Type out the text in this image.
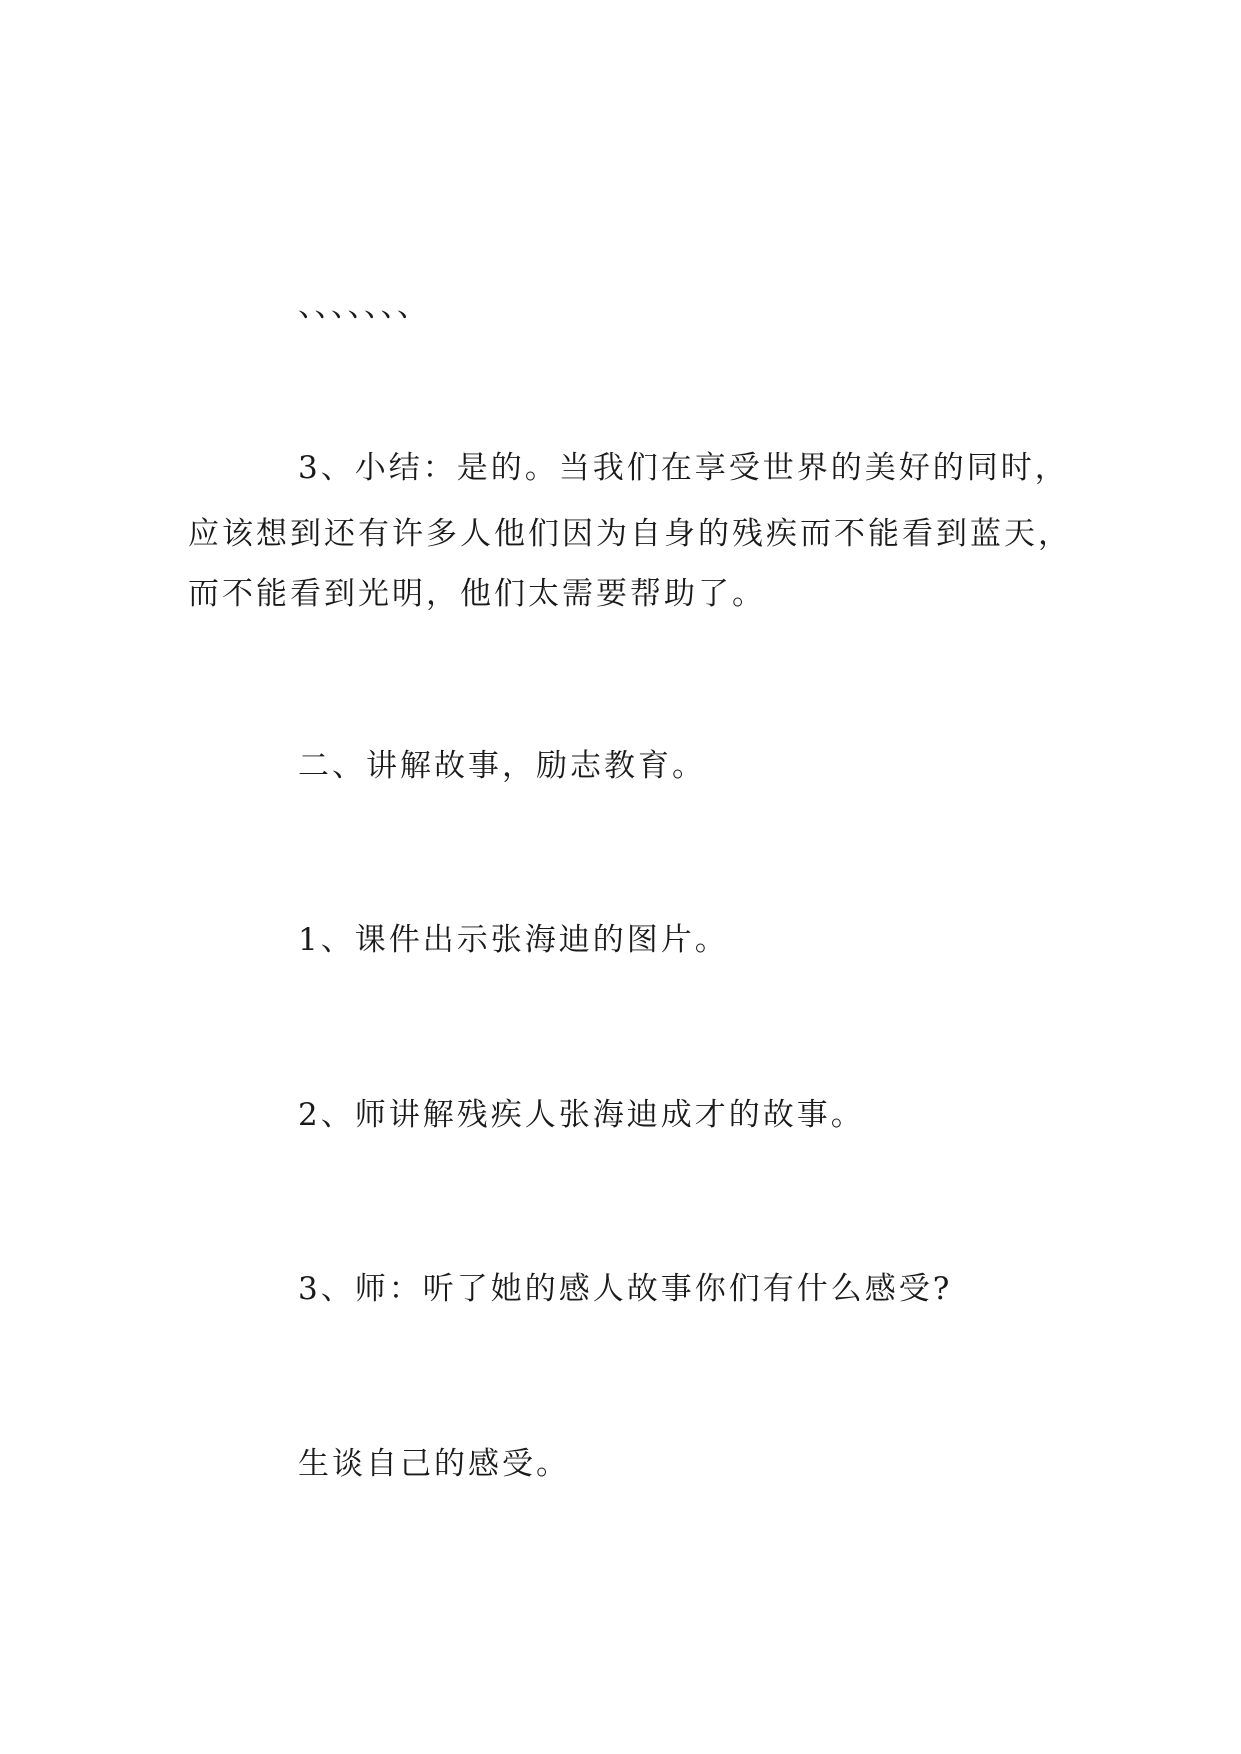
、、、、、、、
3、小结：是的。当我们在享受世界的美好的同时，
应该想到还有许多人他们因为自身的残疾而不能看到蓝天，
而不能看到光明，他们太需要帮助了。
二、讲解故事，励志教育。
1、课件出示张海迪的图片。
2、师讲解残疾人张海迪成才的故事。
3、师：听了她的感人故事你们有什么感受?
生谈自己的感受。
